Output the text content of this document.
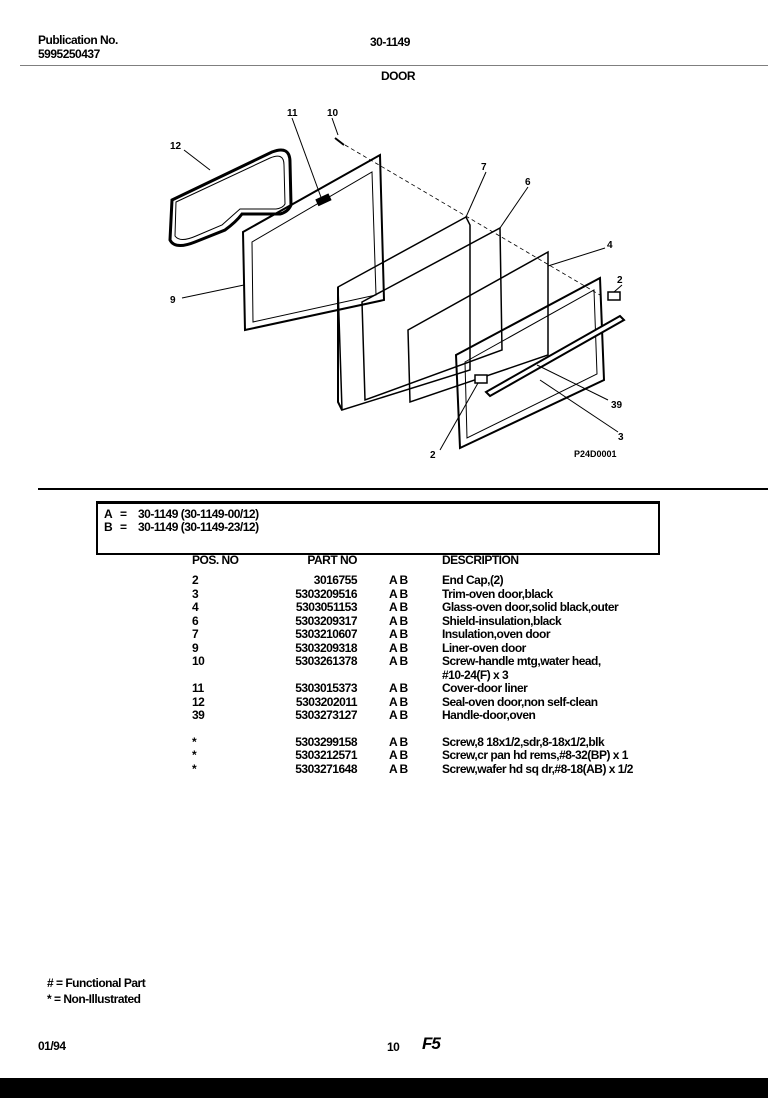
Publication No.
5995250437
30-1149
DOOR
12
11	10
7
6
4
2
9
39
3
2	P24D0001
A = 30-1149 (30-1149-00/12)
B = 30-1149 (30-1149-23/12)
POS. NO	PART NO	DESCRIPTION
2	3016755	A B	End Cap,(2)
3	5303209516	A B	Trim-oven door,black
4	5303051153	A B	Glass-oven door,solid black,outer
6	5303209317	A B	Shield-insulation,black
7	5303210607	A B	Insulation,oven door
9	5303209318	A B	Liner-oven door
10	5303261378	A B	Screw-handle mtg,water head,
#10-24(F) x 3
11	5303015373	A B	Cover-door liner
12	5303202011	A B	Seal-oven door,non self-clean
39	5303273127	A B	Handle-door,oven
*	5303299158	A B	Screw,8 18x1/2,sdr,8-18x1/2,blk
*	5303212571	A B	Screw,cr pan hd rems,#8-32(BP) x 1
*	5303271648	A B	Screw,wafer hd sq dr,#8-18(AB) x 1/2
# = Functional Part
* = Non-Illustrated
01/94	10 F5
